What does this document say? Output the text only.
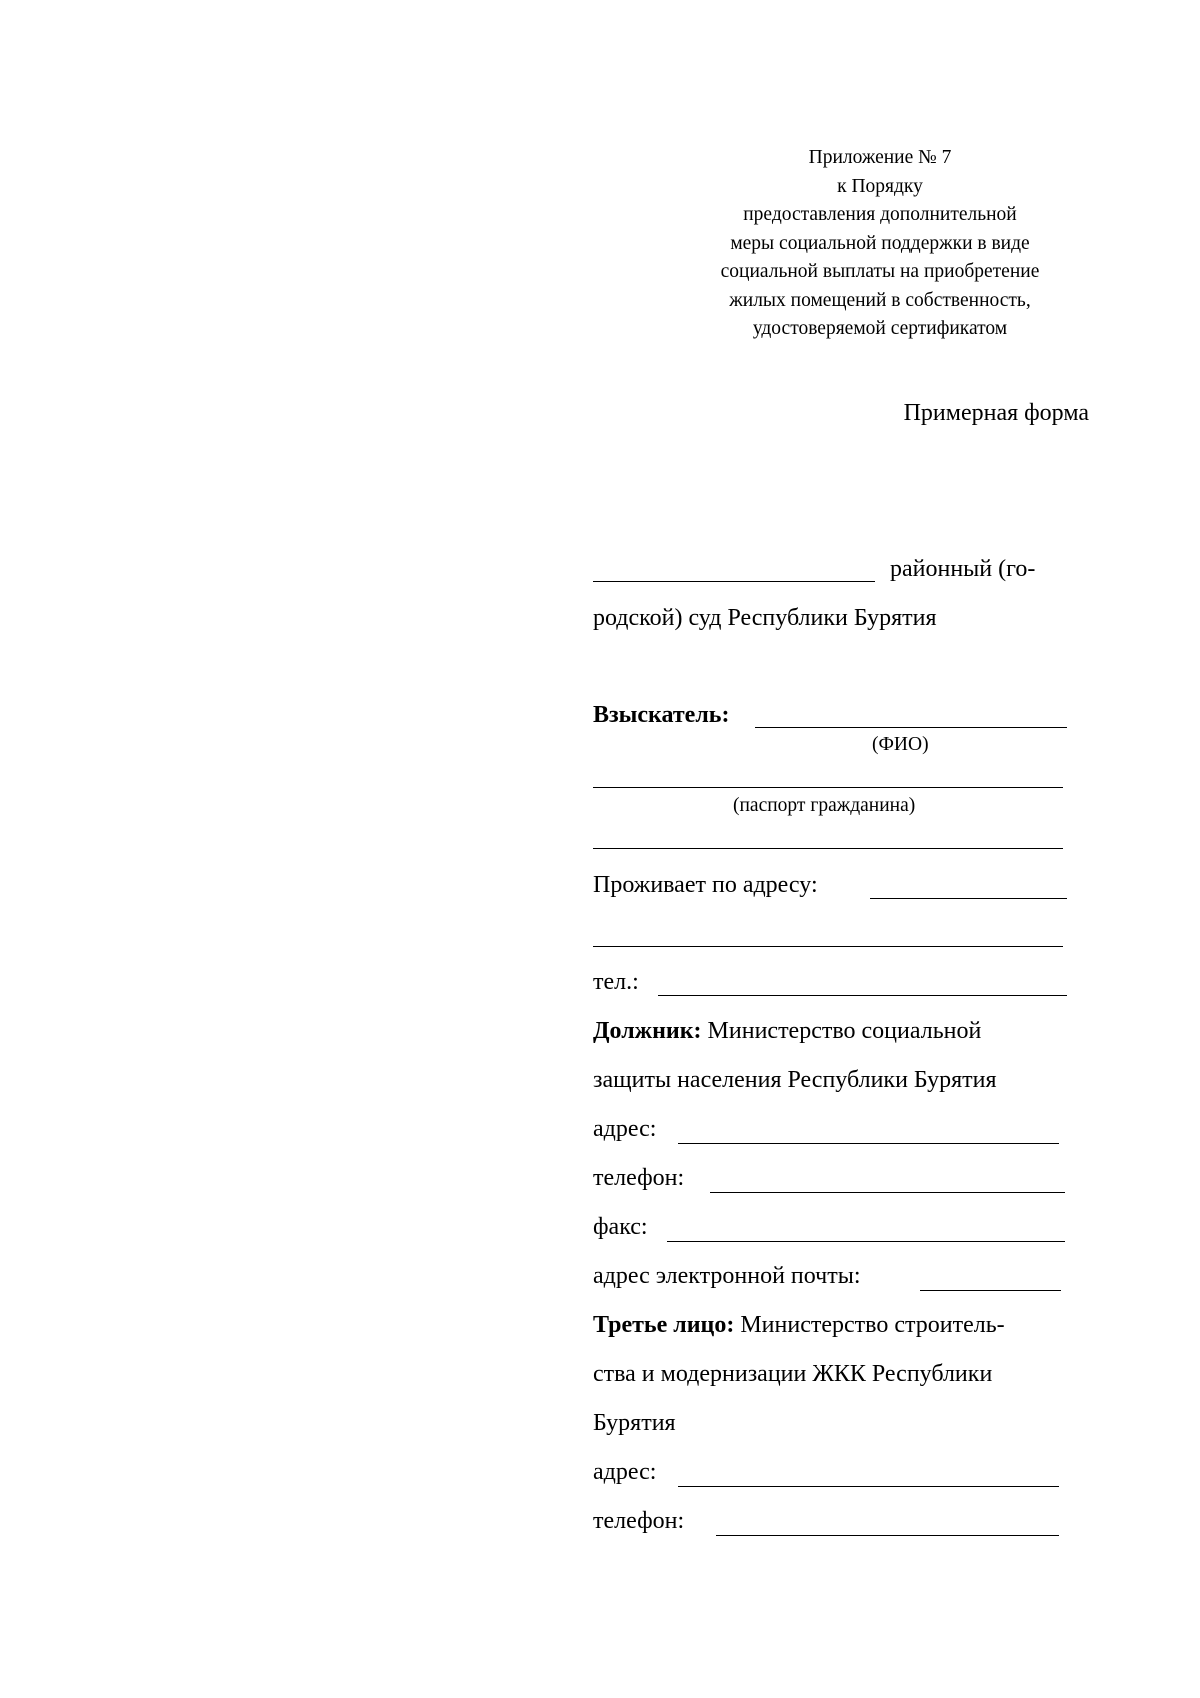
Приложение № 7
к Порядку
предоставления дополнительной
меры социальной поддержки в виде
социальной выплаты на приобретение
жилых помещений в собственность,
удостоверяемой сертификатом
Примерная форма
районный (го-
родской) суд Республики Бурятия
Взыскатель:
(ФИО)
(паспорт гражданина)
Проживает по адресу:
тел.:
Должник: Министерство социальной
защиты населения Республики Бурятия
адрес:
телефон:
факс:
адрес электронной почты:
Третье лицо: Министерство строитель-
ства и модернизации ЖКК Республики
Бурятия
адрес:
телефон:
